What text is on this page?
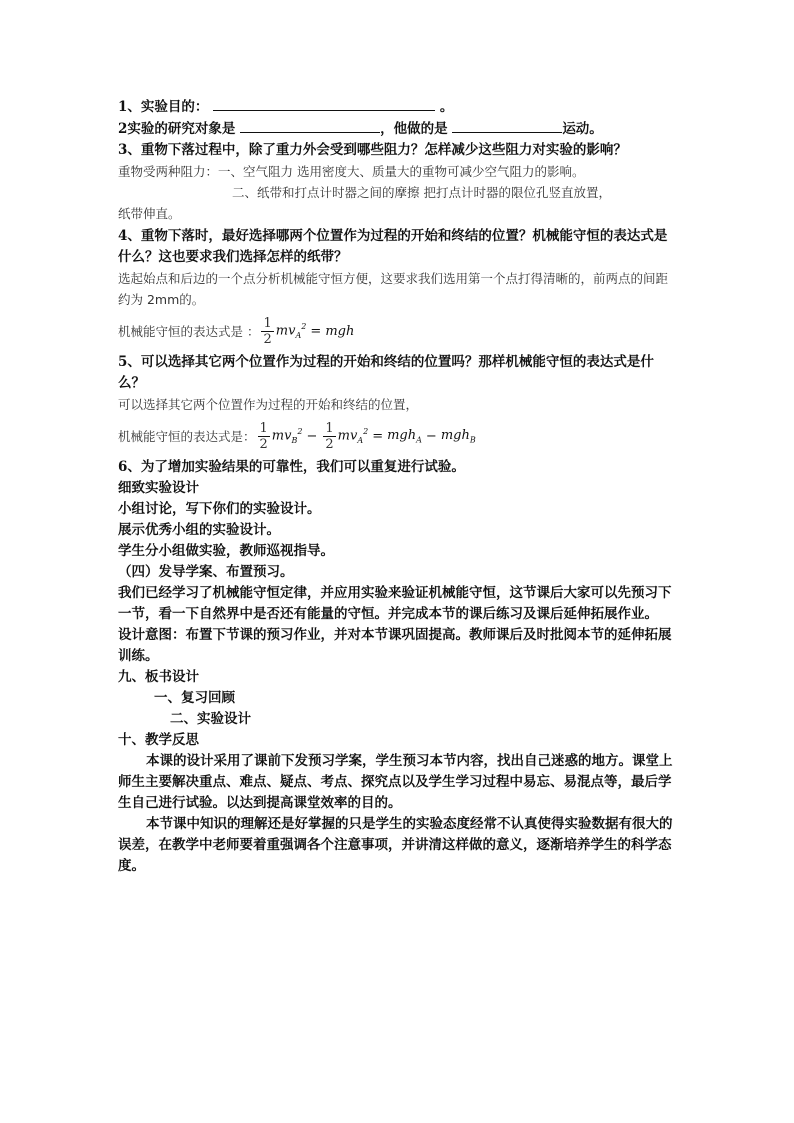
1、实验目的：	。
2实验的研究对象是	，他做的是	运动。
3、重物下落过程中，除了重力外会受到哪些阻力？怎样减少这些阻力对实验的影响？
重物受两种阻力：一、空气阻力 选用密度大、质量大的重物可减少空气阻力的影响。
二、纸带和打点计时器之间的摩擦 把打点计时器的限位孔竖直放置，
纸带伸直。
4、重物下落时，最好选择哪两个位置作为过程的开始和终结的位置？机械能守恒的表达式是什么？这也要求我们选择怎样的纸带？
选起始点和后边的一个点分析机械能守恒方便，这要求我们选用第一个点打得清晰的，前两点的间距约为 2mm的。
机械能守恒的表达式是 ： $\frac{1}{2} mv_A^2$ = mgh
5、可以选择其它两个位置作为过程的开始和终结的位置吗？那样机械能守恒的表达式是什么？
可以选择其它两个位置作为过程的开始和终结的位置，
机械能守恒的表达式是： $\frac{1}{2} mv_B^2 - \frac{1}{2} mv_A^2 = mgh_A - mgh_B$
6、为了增加实验结果的可靠性，我们可以重复进行试验。
细致实验设计
小组讨论，写下你们的实验设计。
展示优秀小组的实验设计。
学生分小组做实验，教师巡视指导。
（四）发导学案、布置预习。
我们已经学习了机械能守恒定律，并应用实验来验证机械能守恒，这节课后大家可以先预习下一节，看一下自然界中是否还有能量的守恒。并完成本节的课后练习及课后延伸拓展作业。
设计意图：布置下节课的预习作业，并对本节课巩固提高。教师课后及时批阅本节的延伸拓展训练。
九、板书设计
一、复习回顾
二、实验设计
十、教学反思
本课的设计采用了课前下发预习学案，学生预习本节内容，找出自己迷惑的地方。课堂上师生主要解决重点、难点、疑点、考点、探究点以及学生学习过程中易忘、易混点等，最后学生自己进行试验。以达到提高课堂效率的目的。
本节课中知识的理解还是好掌握的只是学生的实验态度经常不认真使得实验数据有很大的误差，在教学中老师要着重强调各个注意事项，并讲清这样做的意义，逐渐培养学生的科学态度。
